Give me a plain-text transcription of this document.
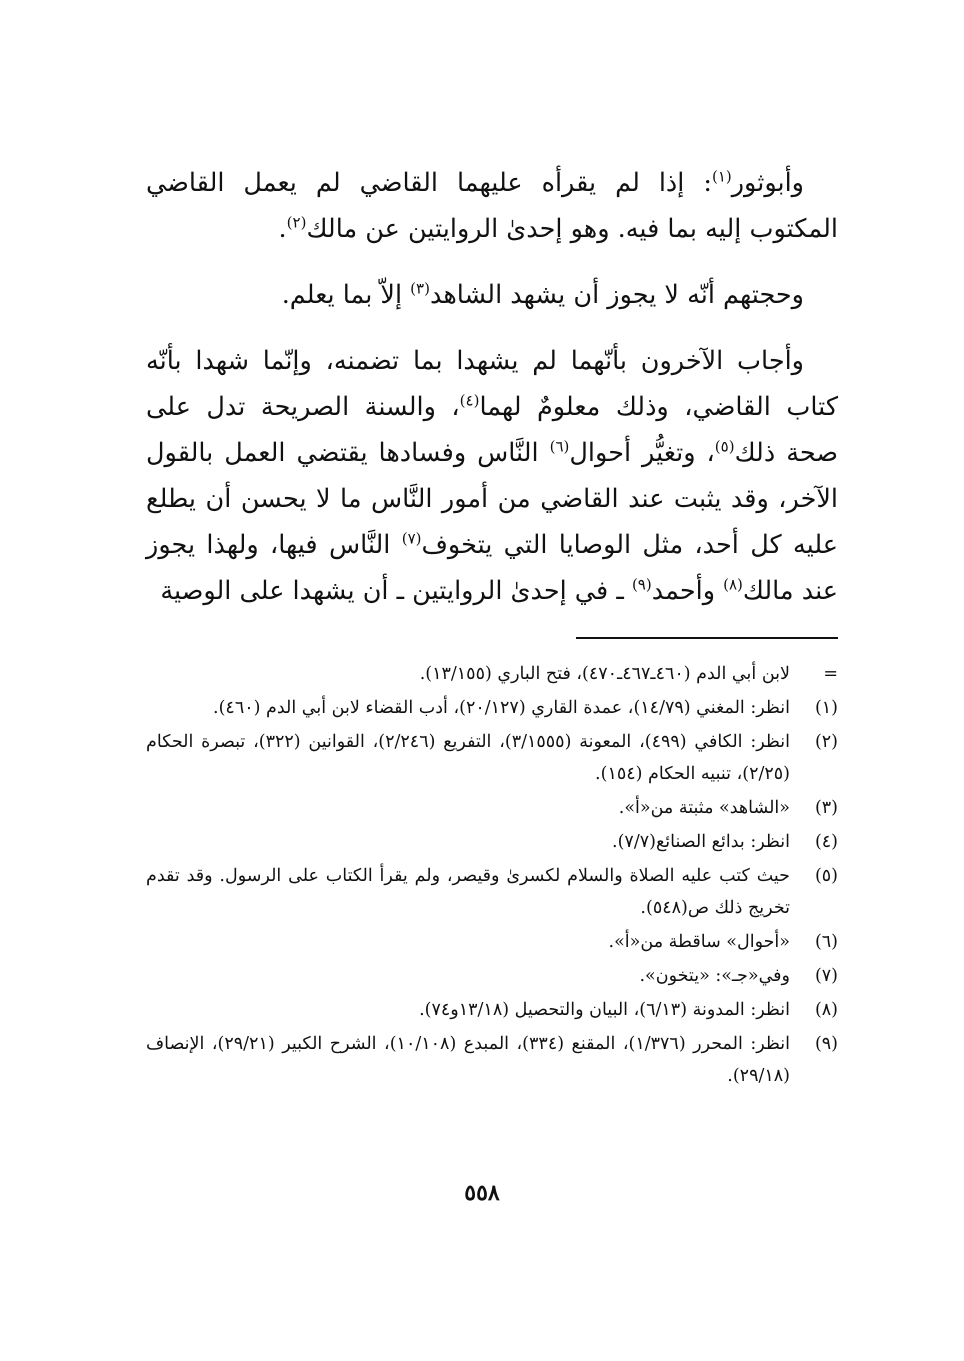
وأبوثور$^{(١)}$: إذا لم يقرأه عليهما القاضي لم يعمل القاضي المكتوب إليه بما فيه. وهو إحدىٰ الروايتين عن مالك$^{(٢)}$.

وحجتهم أنّه لا يجوز أن يشهد الشاهد$^{(٣)}$ إلاّ بما يعلم.

وأجاب الآخرون بأنّهما لم يشهدا بما تضمنه، وإنّما شهدا بأنّه كتاب القاضي، وذلك معلومٌ لهما$^{(٤)}$، والسنة الصريحة تدل على صحة ذلك$^{(٥)}$، وتغيُّر أحوال$^{(٦)}$ النَّاس وفسادها يقتضي العمل بالقول الآخر، وقد يثبت عند القاضي من أمور النَّاس ما لا يحسن أن يطلع عليه كل أحد، مثل الوصايا التي يتخوف$^{(٧)}$ النَّاس فيها، ولهذا يجوز عند مالك$^{(٨)}$ وأحمد$^{(٩)}$ ـ في إحدىٰ الروايتين ـ أن يشهدا على الوصية

=
لابن أبي الدم (٤٦٠ـ٤٦٧ـ٤٧٠)، فتح الباري (١٣/١٥٥).
(١)
انظر: المغني (١٤/٧٩)، عمدة القاري (٢٠/١٢٧)، أدب القضاء لابن أبي الدم (٤٦٠).
(٢)
انظر: الكافي (٤٩٩)، المعونة (٣/١٥٥٥)، التفريع (٢/٢٤٦)، القوانين (٣٢٢)، تبصرة الحكام (٢/٢٥)، تنبيه الحكام (١٥٤).
(٣)
«الشاهد» مثبتة من«أ».
(٤)
انظر: بدائع الصنائع(٧/٧).
(٥)
حيث كتب عليه الصلاة والسلام لكسرىٰ وقيصر، ولم يقرأ الكتاب على الرسول. وقد تقدم تخريج ذلك ص(٥٤٨).
(٦)
«أحوال» ساقطة من«أ».
(٧)
وفي«جـ»: «يتخون».
(٨)
انظر: المدونة (٦/١٣)، البيان والتحصيل (١٣/١٨و٧٤).
(٩)
انظر: المحرر (١/٣٧٦)، المقنع (٣٣٤)، المبدع (١٠/١٠٨)، الشرح الكبير (٢٩/٢١)، الإنصاف (٢٩/١٨).
٥٥٨
